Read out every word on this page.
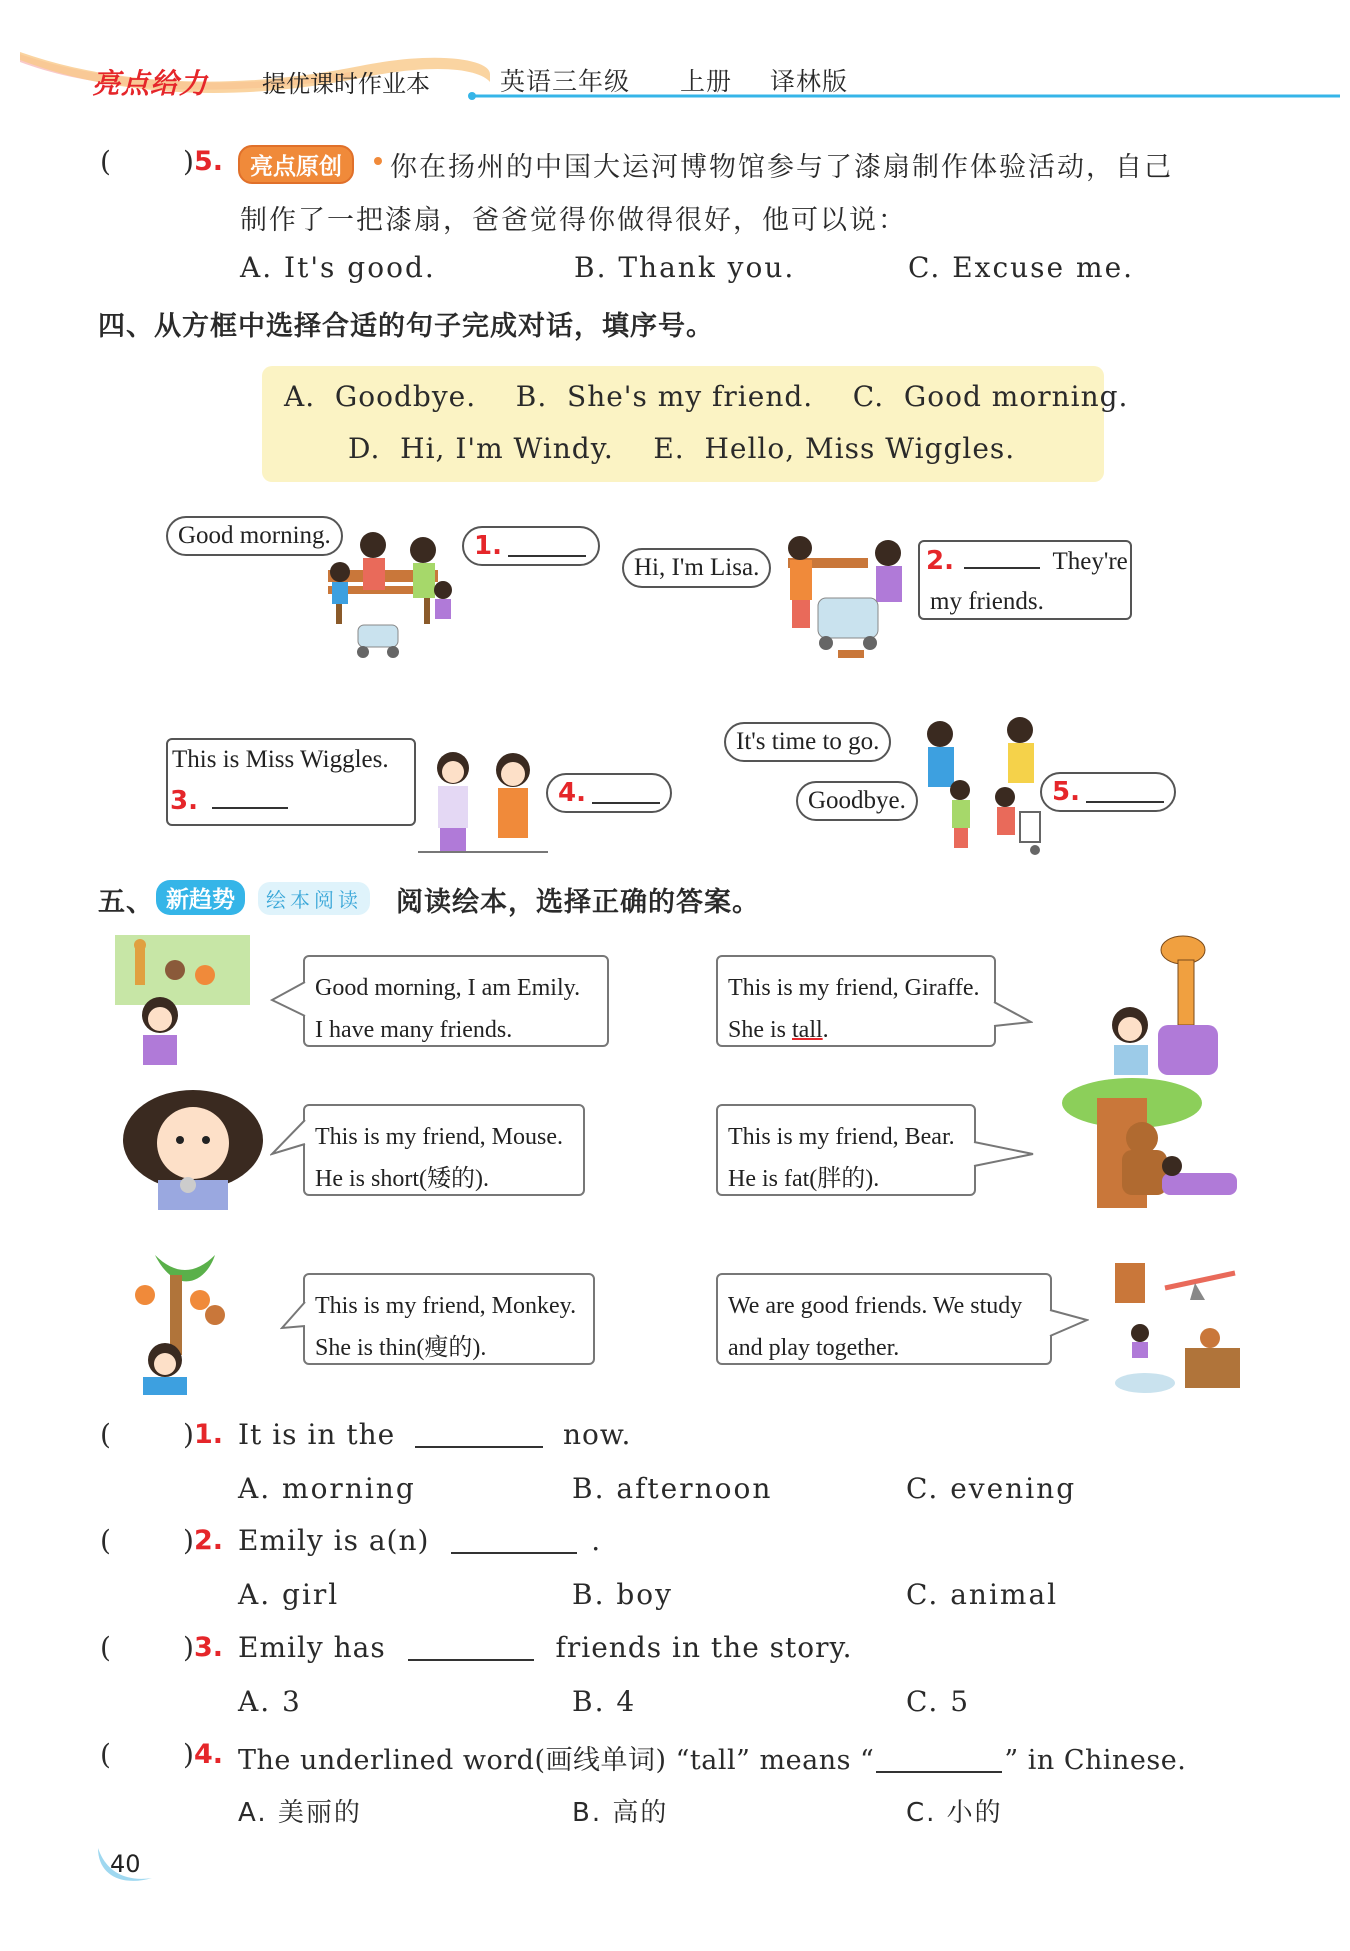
亮点给力 提优课时作业本	英语三年级 上册 译林版
(	) 5.	亮点原创	你在扬州的中国大运河博物馆参与了漆扇制作体验活动，自己
制作了一把漆扇，爸爸觉得你做得很好，他可以说：
A. It's good.	B. Thank you.	C. Excuse me.
四、从方框中选择合适的句子完成对话，填序号。
A.  Goodbye.    B.  She's my friend.    C.  Good morning.
D.  Hi, I'm Windy.    E.  Hello, Miss Wiggles.
Good morning.	1.
Hi, I'm Lisa.	2.	They're
my friends.
This is Miss Wiggles.
3.	4.
It's time to go.
Goodbye.	5.
五、 新趋势	绘本阅读 阅读绘本，选择正确的答案。
Good morning, I am Emily.
I have many friends.
This is my friend, Giraffe.
She is tall.
This is my friend, Mouse.
He is short(矮的).
This is my friend, Bear.
He is fat(胖的).
This is my friend, Monkey.
She is thin(瘦的).
We are good friends. We study
and play together.
(	) 1. It is in the	now.
A. morning	B. afternoon	C. evening
(	) 2. Emily is a(n)	.
A. girl	B. boy	C. animal
(	) 3. Emily has	friends in the story.
A. 3	B. 4	C. 5
(	) 4. The underlined word(画线单词) “tall” means “	” in Chinese.
A. 美丽的	B. 高的	C. 小的
40
